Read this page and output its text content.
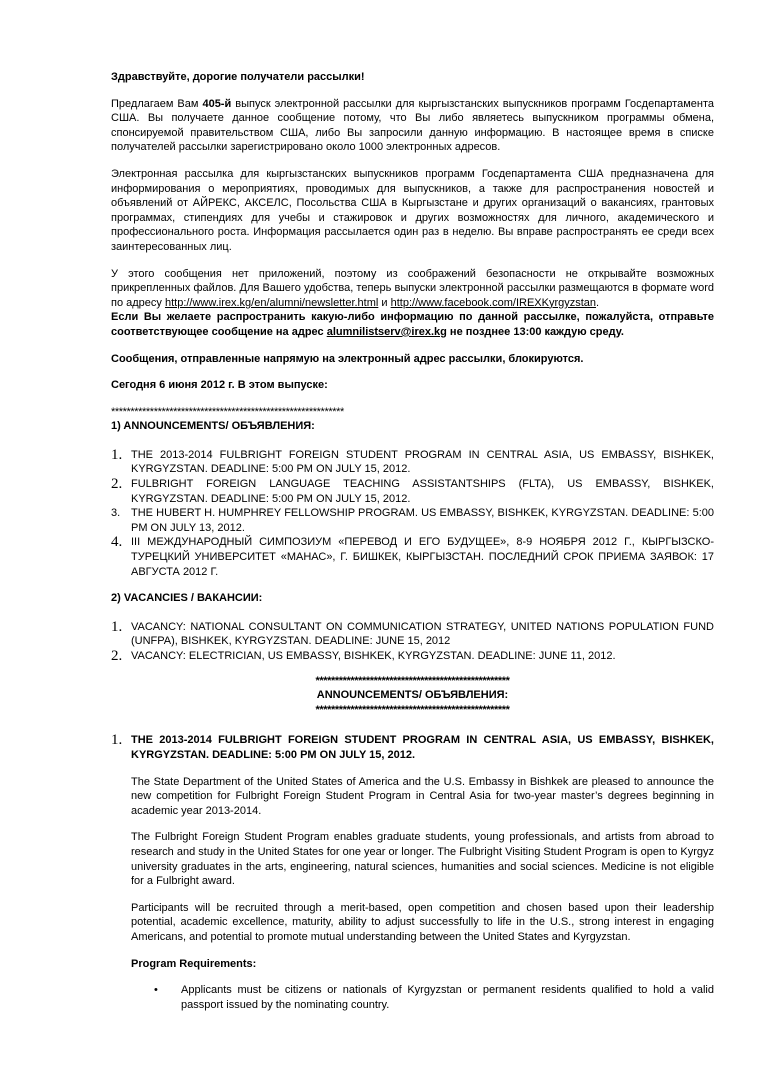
Здравствуйте, дорогие получатели рассылки!

Предлагаем Вам 405-й выпуск электронной рассылки для кыргызстанских выпускников программ Госдепартамента США. Вы получаете данное сообщение потому, что Вы либо являетесь выпускником программы обмена, спонсируемой правительством США, либо Вы запросили данную информацию. В настоящее время в списке получателей рассылки зарегистрировано около 1000 электронных адресов.

Электронная рассылка для кыргызстанских выпускников программ Госдепартамента США предназначена для информирования о мероприятиях, проводимых для выпускников, а также для распространения новостей и объявлений от АЙРЕКС, АКСЕЛС, Посольства США в Кыргызстане и других организаций о вакансиях, грантовых программах, стипендиях для учебы и стажировок и других возможностях для личного, академического и профессионального роста. Информация рассылается один раз в неделю. Вы вправе распространять ее среди всех заинтересованных лиц.

У этого сообщения нет приложений, поэтому из соображений безопасности не открывайте возможных прикрепленных файлов. Для Вашего удобства, теперь выпуски электронной рассылки размещаются в формате word по адресу http://www.irex.kg/en/alumni/newsletter.html и http://www.facebook.com/IREXKyrgyzstan.
Если Вы желаете распространить какую-либо информацию по данной рассылке, пожалуйста, отправьте соответствующее сообщение на адрес alumnilistserv@irex.kg не позднее 13:00 каждую среду.

Сообщения, отправленные напрямую на электронный адрес рассылки, блокируются.

Сегодня 6 июня 2012 г. В этом выпуске:

************************************************************

1) ANNOUNCEMENTS/ ОБЪЯВЛЕНИЯ:

1. THE 2013-2014 FULBRIGHT FOREIGN STUDENT PROGRAM IN CENTRAL ASIA, US EMBASSY, BISHKEK, KYRGYZSTAN. DEADLINE: 5:00 PM ON JULY 15, 2012.
2. FULBRIGHT FOREIGN LANGUAGE TEACHING ASSISTANTSHIPS (FLTA), US EMBASSY, BISHKEK, KYRGYZSTAN. DEADLINE: 5:00 PM ON JULY 15, 2012.
3. THE HUBERT H. HUMPHREY FELLOWSHIP PROGRAM. US EMBASSY, BISHKEK, KYRGYZSTAN. DEADLINE: 5:00 PM ON JULY 13, 2012.
4. III МЕЖДУНАРОДНЫЙ СИМПОЗИУМ «ПЕРЕВОД И ЕГО БУДУЩЕЕ», 8-9 НОЯБРЯ 2012 Г., КЫРГЫЗСКО-ТУРЕЦКИЙ УНИВЕРСИТЕТ «МАНАС», Г. БИШКЕК, КЫРГЫЗСТАН. ПОСЛЕДНИЙ СРОК ПРИЕМА ЗАЯВОК: 17 АВГУСТА 2012 Г.

2) VACANCIES / ВАКАНСИИ:

1. VACANCY: NATIONAL CONSULTANT ON COMMUNICATION STRATEGY, UNITED NATIONS POPULATION FUND (UNFPA), BISHKEK, KYRGYZSTAN. DEADLINE: JUNE 15, 2012
2. VACANCY: ELECTRICIAN, US EMBASSY, BISHKEK, KYRGYZSTAN. DEADLINE: JUNE 11, 2012.
**************************************************

ANNOUNCEMENTS/ ОБЪЯВЛЕНИЯ:

**************************************************
1. THE 2013-2014 FULBRIGHT FOREIGN STUDENT PROGRAM IN CENTRAL ASIA, US EMBASSY, BISHKEK, KYRGYZSTAN. DEADLINE: 5:00 PM ON JULY 15, 2012.
The State Department of the United States of America and the U.S. Embassy in Bishkek are pleased to announce the new competition for Fulbright Foreign Student Program in Central Asia for two-year master’s degrees beginning in academic year 2013-2014.
The Fulbright Foreign Student Program enables graduate students, young professionals, and artists from abroad to research and study in the United States for one year or longer. The Fulbright Visiting Student Program is open to Kyrgyz university graduates in the arts, engineering, natural sciences, humanities and social sciences. Medicine is not eligible for a Fulbright award.
Participants will be recruited through a merit-based, open competition and chosen based upon their leadership potential, academic excellence, maturity, ability to adjust successfully to life in the U.S., strong interest in engaging Americans, and potential to promote mutual understanding between the United States and Kyrgyzstan.
Program Requirements:
• Applicants must be citizens or nationals of Kyrgyzstan or permanent residents qualified to hold a valid passport issued by the nominating country.
